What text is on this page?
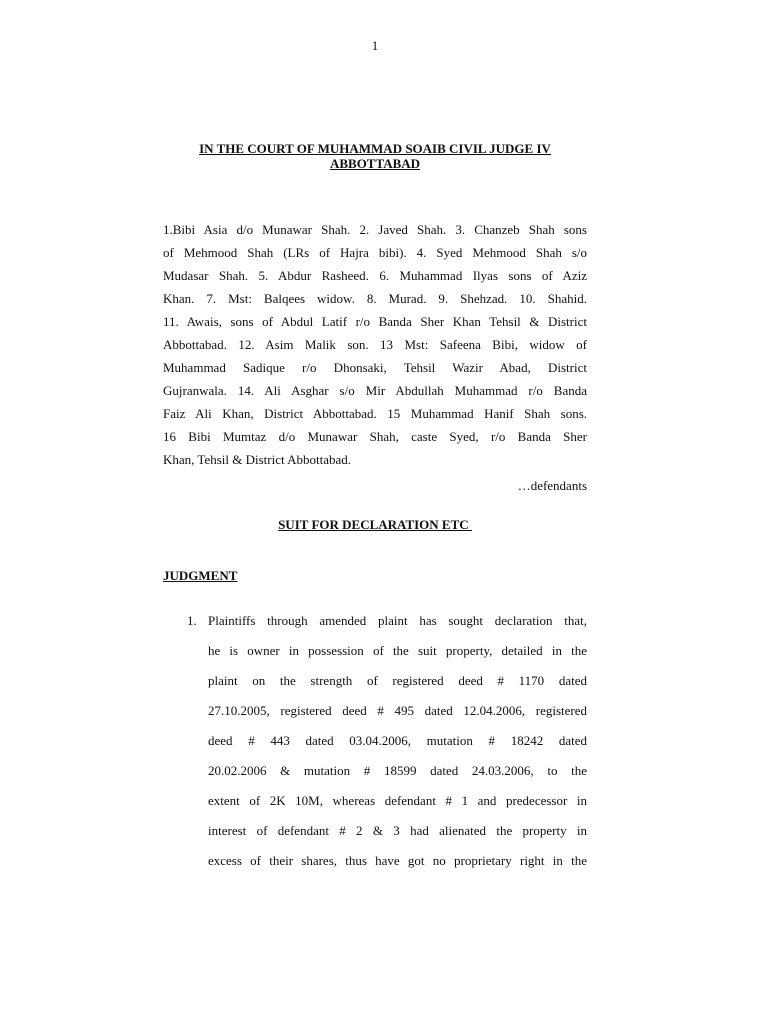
1
IN THE COURT OF MUHAMMAD SOAIB CIVIL JUDGE IV
ABBOTTABAD

1.Bibi Asia d/o Munawar Shah. 2. Javed Shah. 3. Chanzeb Shah sons

of Mehmood Shah (LRs of Hajra bibi). 4. Syed Mehmood Shah s/o

Mudasar Shah. 5. Abdur Rasheed. 6. Muhammad Ilyas sons of Aziz

Khan. 7. Mst: Balqees widow. 8. Murad. 9. Shehzad. 10. Shahid.

11. Awais, sons of Abdul Latif r/o Banda Sher Khan Tehsil & District

Abbottabad. 12. Asim Malik son. 13 Mst: Safeena Bibi, widow of

Muhammad Sadique r/o Dhonsaki, Tehsil Wazir Abad, District

Gujranwala. 14. Ali Asghar s/o Mir Abdullah Muhammad r/o Banda

Faiz Ali Khan, District Abbottabad. 15 Muhammad Hanif Shah sons.

16 Bibi Mumtaz d/o Munawar Shah, caste Syed, r/o Banda Sher

Khan, Tehsil & District Abbottabad.

…defendants
SUIT FOR DECLARATION ETC
JUDGMENT
1. Plaintiffs through amended plaint has sought declaration that,

he is owner in possession of the suit property, detailed in the

plaint on the strength of registered deed # 1170 dated

27.10.2005, registered deed # 495 dated 12.04.2006, registered

deed # 443 dated 03.04.2006, mutation # 18242 dated

20.02.2006 & mutation # 18599 dated 24.03.2006, to the

extent of 2K 10M, whereas defendant # 1 and predecessor in

interest of defendant # 2 & 3 had alienated the property in

excess of their shares, thus have got no proprietary right in the
